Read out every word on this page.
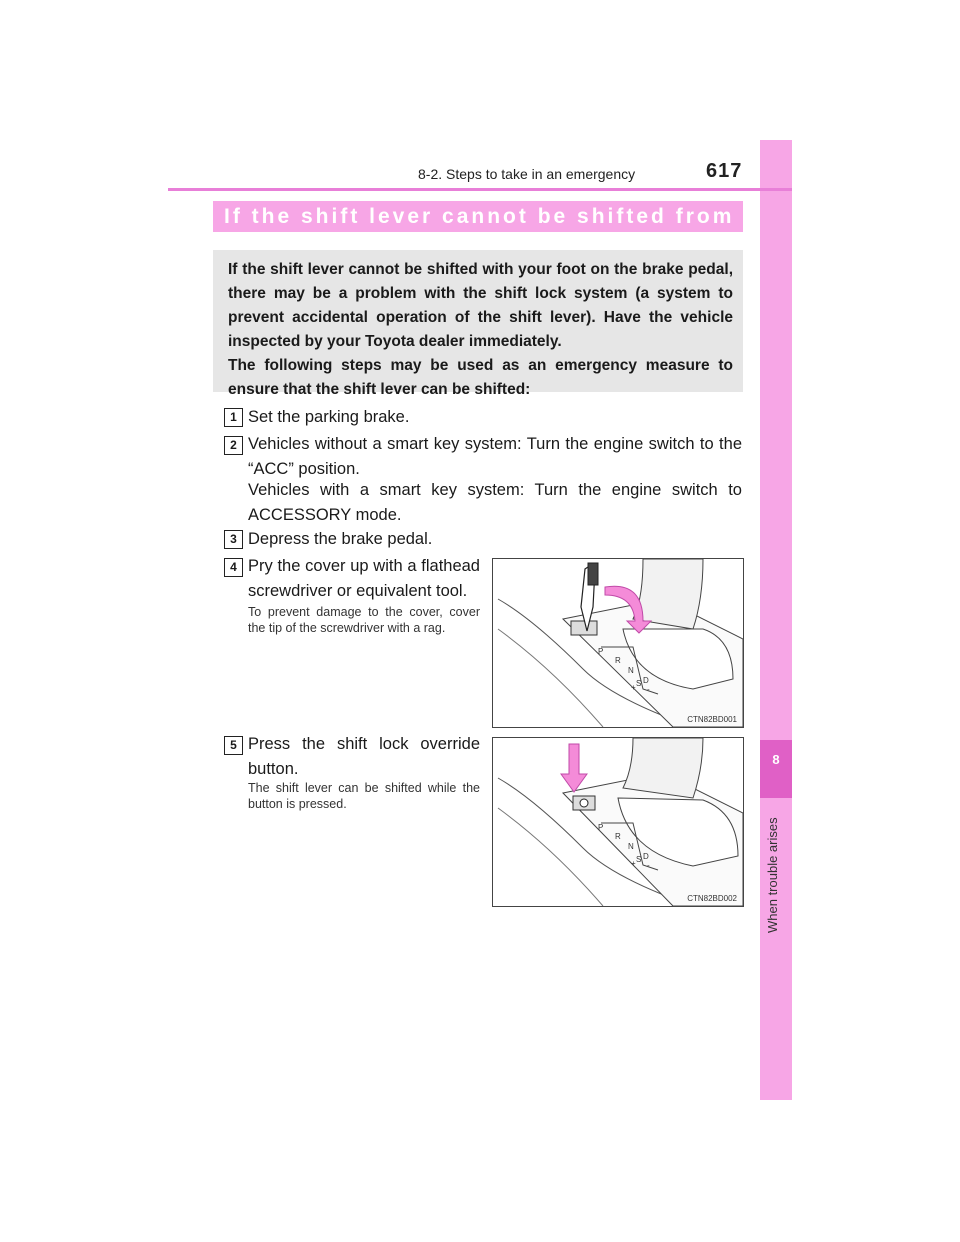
8
When trouble arises
8-2. Steps to take in an emergency	617
If the shift lever cannot be shifted from P

If the shift lever cannot be shifted with your foot on the brake pedal, there may be a problem with the shift lock system (a system to prevent accidental operation of the shift lever). Have the vehicle inspected by your Toyota dealer immediately.

The following steps may be used as an emergency measure to ensure that the shift lever can be shifted:

1 Set the parking brake.
2 Vehicles without a smart key system: Turn the engine switch to the “ACC” position.
Vehicles with a smart key system: Turn the engine switch to ACCESSORY mode.
3 Depress the brake pedal.
4 Pry the cover up with a flathead screwdriver or equivalent tool.
To prevent damage to the cover, cover the tip of the screwdriver with a rag.
P
R
N
D
S
+ -
CTN82BD001
5 Press the shift lock override button.
The shift lever can be shifted while the button is pressed.
P
R
N
D
S
+ -
CTN82BD002
